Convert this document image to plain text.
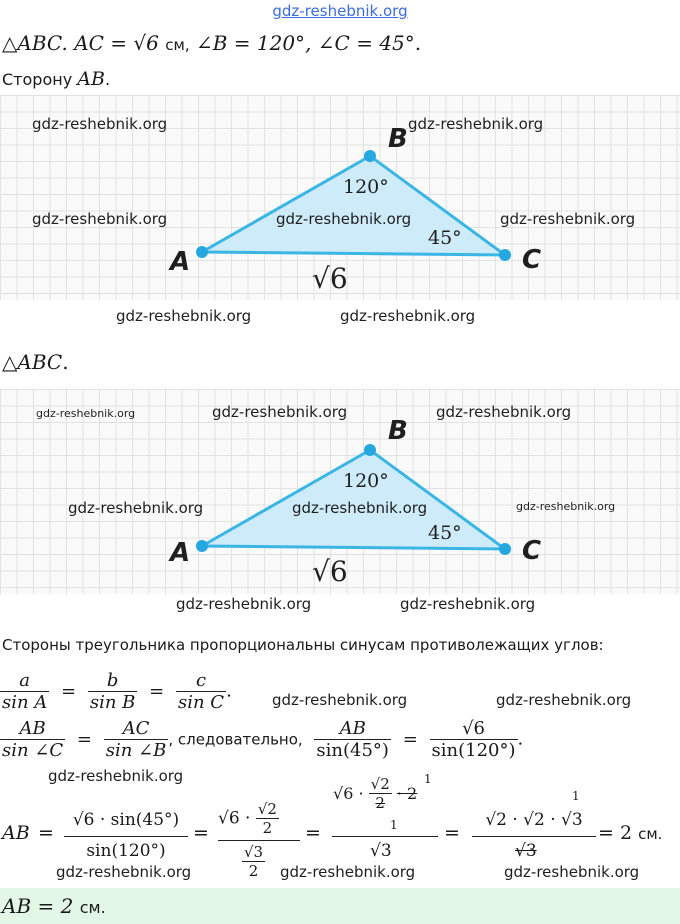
gdz-reshebnik.org
△ABC. AC = √6 см, ∠B = 120°, ∠C = 45°.
Сторону AB.
A
B
C
120°
45°
√6
△ABC.
A
B
C
120°
45°
√6
Стороны треугольника пропорциональны синусам противолежащих углов:
$\frac{a}{\text{sin A}} = \frac{b}{\text{sin B}} = \frac{c}{\text{sin C}}$ .
$\frac{AB}{\sin \angle C} = \frac{AC}{\sin \angle B}$ , следовательно, $\frac{AB}{\sin(45^\circ)} = \frac{√6}{\sin(120^\circ)}$ .
AB =
√6 · sin(45°)
sin(120°)
=
$√6 \cdot \frac{√2}{2}$
$\frac{√3}{2}$
=
$√6 \cdot \frac{√2}{2} \cdot 2$
1
1
√3
=
1
√2 · √2 · √3
√3
= 2 см.
AB = 2 см.
gdz-reshebnik.org	gdz-reshebnik.org
gdz-reshebnik.org	gdz-reshebnik.org	gdz-reshebnik.org
gdz-reshebnik.org	gdz-reshebnik.org
gdz-reshebnik.org	gdz-reshebnik.org	gdz-reshebnik.org
gdz-reshebnik.org	gdz-reshebnik.org	gdz-reshebnik.org
gdz-reshebnik.org	gdz-reshebnik.org
gdz-reshebnik.org	gdz-reshebnik.org
gdz-reshebnik.org
gdz-reshebnik.org	gdz-reshebnik.org	gdz-reshebnik.org
